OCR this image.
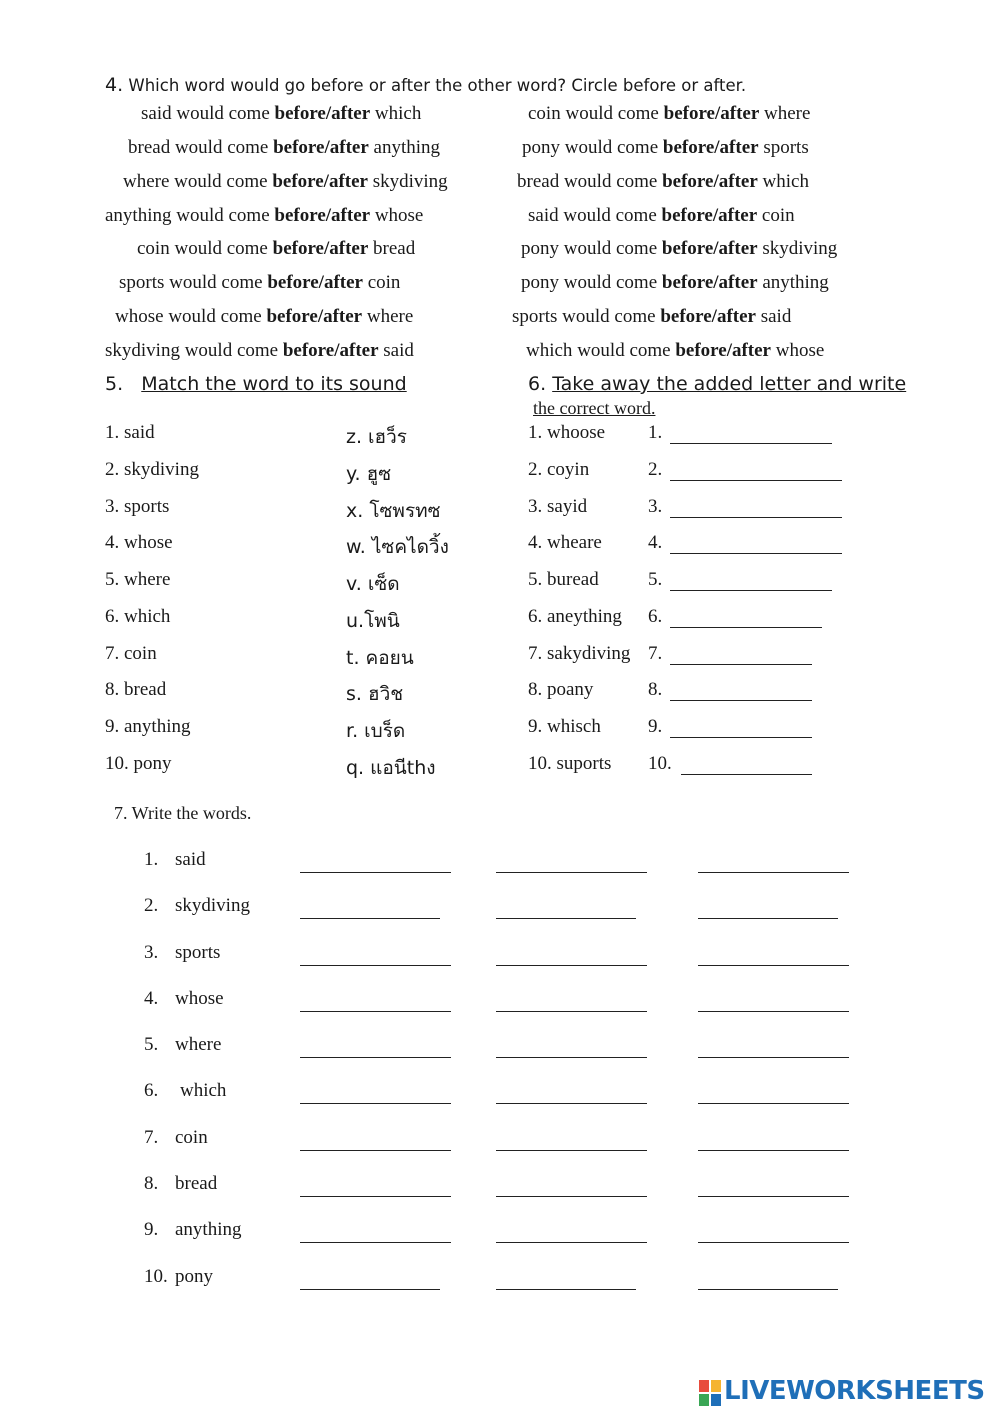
4. Which word would go before or after the other word? Circle before or after.
said would come before/after which
bread would come before/after anything
where would come before/after skydiving
anything would come before/after whose
coin would come before/after bread
sports would come before/after coin
whose would come before/after where
skydiving would come before/after said
coin would come before/after where
pony would come before/after sports
bread would come before/after which
said would come before/after coin
pony would come before/after skydiving
pony would come before/after anything
sports would come before/after said
which would come before/after whose
5. Match the word to its sound	6. Take away the added letter and write
the correct word.
1. said	z. เฮว็ร	1. whoose 1.
2. skydiving	y. ฮูซ	2. coyin	2.
3. sports	x. โซพรทซ	3. sayid	3.
4. whose	w. ไซคไดวิ้ง	4. wheare 4.
5. where	v. เซ็ด	5. buread	5.
6. which	u.โพนิ	6. aneything 6.
7. coin	t. คอยน	7. sakydiving 7.
8. bread	s. ฮวิช	8. poany	8.
9. anything	r. เบร็ด	9. whisch 9.
10. pony	q. แอนีthง	10. suports 10.
7. Write the words.
1. said
2. skydiving
3. sports
4. whose
5. where
6. which
7. coin
8. bread
9. anything
10. pony
LIVEWORKSHEETS
